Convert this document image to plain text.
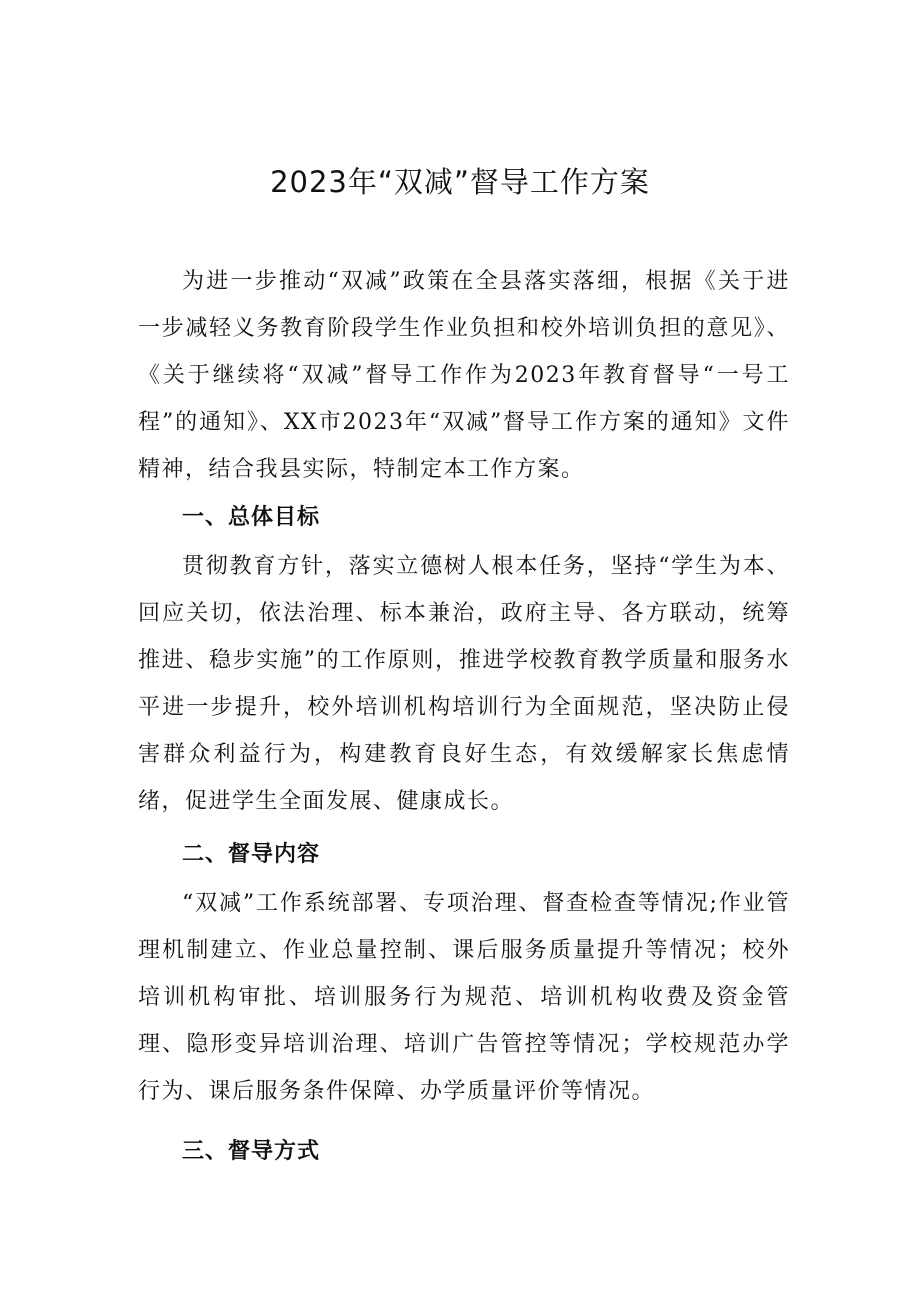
2023年“双减”督导工作方案

为进一步推动“双减”政策在全县落实落细，根据《关于进一步减轻义务教育阶段学生作业负担和校外培训负担的意见》、《关于继续将“双减”督导工作作为2023年教育督导“一号工程”的通知》、XX市2023年“双减”督导工作方案的通知》文件精神，结合我县实际，特制定本工作方案。

一、总体目标

贯彻教育方针，落实立德树人根本任务，坚持“学生为本、回应关切，依法治理、标本兼治，政府主导、各方联动，统筹推进、稳步实施”的工作原则，推进学校教育教学质量和服务水平进一步提升，校外培训机构培训行为全面规范，坚决防止侵害群众利益行为，构建教育良好生态，有效缓解家长焦虑情绪，促进学生全面发展、健康成长。

二、督导内容

“双减”工作系统部署、专项治理、督查检查等情况;作业管理机制建立、作业总量控制、课后服务质量提升等情况；校外培训机构审批、培训服务行为规范、培训机构收费及资金管理、隐形变异培训治理、培训广告管控等情况；学校规范办学行为、课后服务条件保障、办学质量评价等情况。

三、督导方式
